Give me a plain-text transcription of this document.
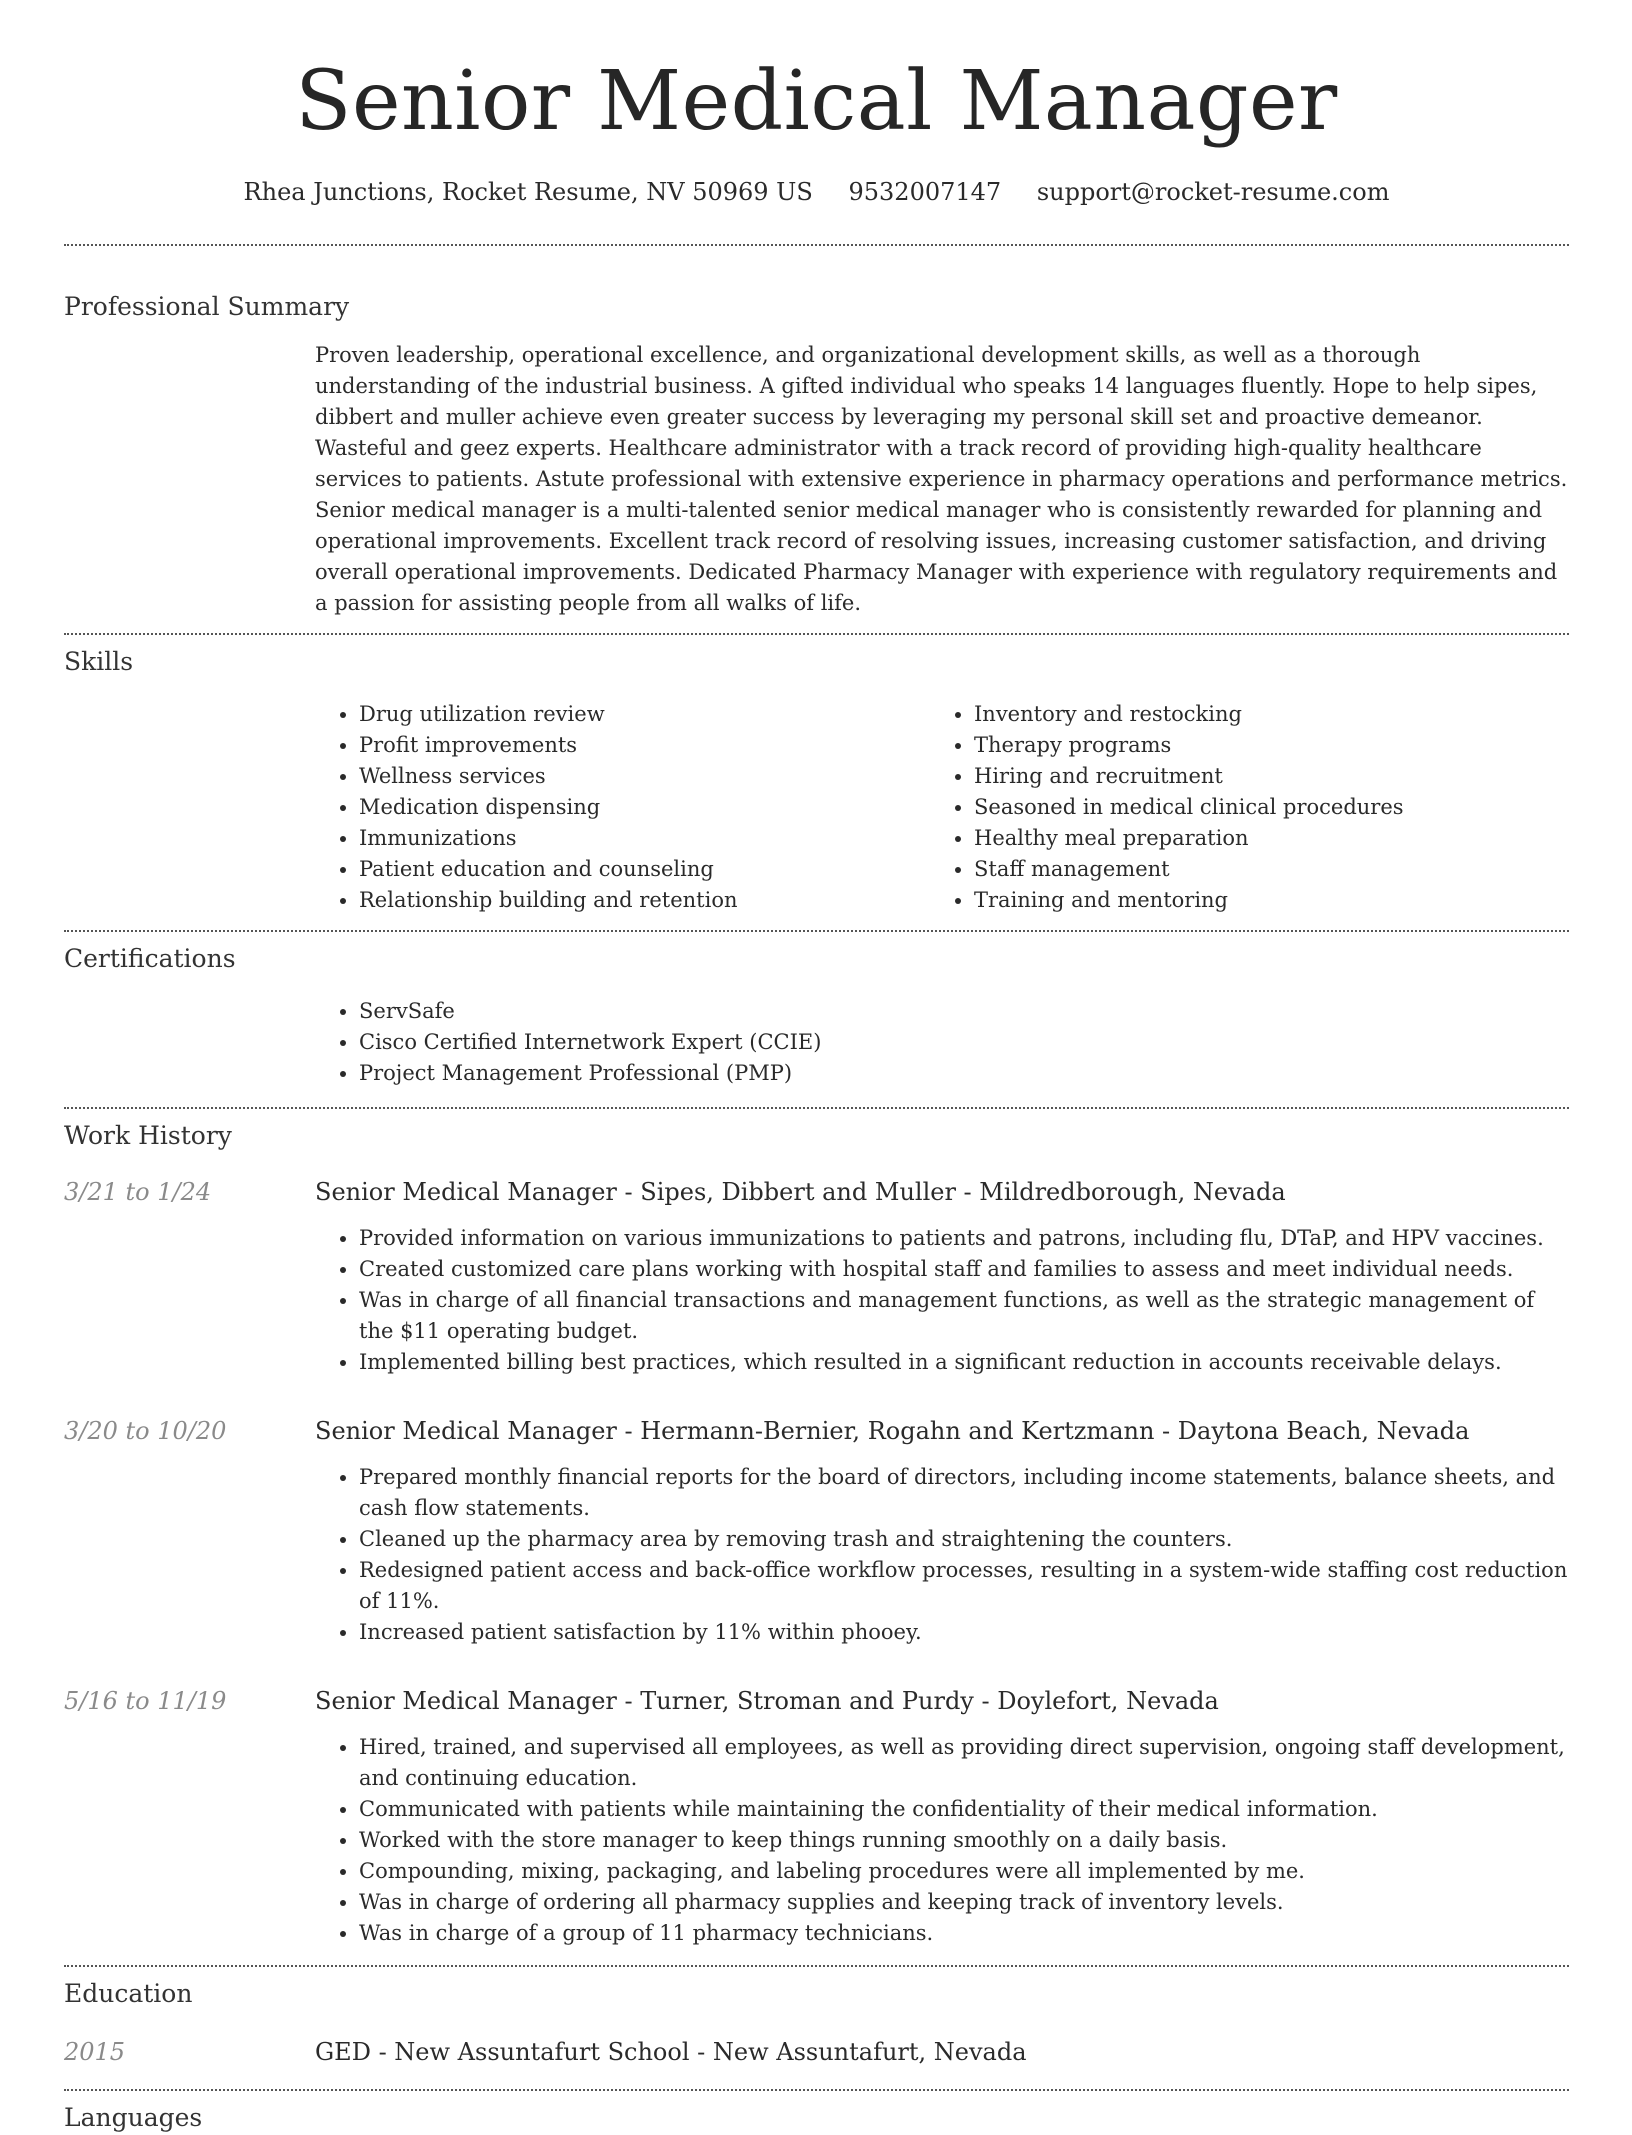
Senior Medical Manager
Rhea Junctions, Rocket Resume, NV 50969 US 9532007147 support@rocket-resume.com
Professional Summary

Proven leadership, operational excellence, and organizational development skills, as well as a thorough understanding of the industrial business. A gifted individual who speaks 14 languages fluently. Hope to help sipes, dibbert and muller achieve even greater success by leveraging my personal skill set and proactive demeanor. Wasteful and geez experts. Healthcare administrator with a track record of providing high-quality healthcare services to patients. Astute professional with extensive experience in pharmacy operations and performance metrics. Senior medical manager is a multi-talented senior medical manager who is consistently rewarded for planning and operational improvements. Excellent track record of resolving issues, increasing customer satisfaction, and driving overall operational improvements. Dedicated Pharmacy Manager with experience with regulatory requirements and a passion for assisting people from all walks of life.

Skills
• Drug utilization review
• Profit improvements
• Wellness services
• Medication dispensing
• Immunizations
• Patient education and counseling
• Relationship building and retention
• Inventory and restocking
• Therapy programs
• Hiring and recruitment
• Seasoned in medical clinical procedures
• Healthy meal preparation
• Staff management
• Training and mentoring
Certifications
• ServSafe
• Cisco Certified Internetwork Expert (CCIE)
• Project Management Professional (PMP)
Work History
3/21 to 1/24	Senior Medical Manager - Sipes, Dibbert and Muller - Mildredborough, Nevada
• Provided information on various immunizations to patients and patrons, including flu, DTaP, and HPV vaccines.
• Created customized care plans working with hospital staff and families to assess and meet individual needs.
• Was in charge of all financial transactions and management functions, as well as the strategic management of the $11 operating budget.
• Implemented billing best practices, which resulted in a significant reduction in accounts receivable delays.
3/20 to 10/20	Senior Medical Manager - Hermann-Bernier, Rogahn and Kertzmann - Daytona Beach, Nevada
• Prepared monthly financial reports for the board of directors, including income statements, balance sheets, and cash flow statements.
• Cleaned up the pharmacy area by removing trash and straightening the counters.
• Redesigned patient access and back-office workflow processes, resulting in a system-wide staffing cost reduction of 11%.
• Increased patient satisfaction by 11% within phooey.
5/16 to 11/19	Senior Medical Manager - Turner, Stroman and Purdy - Doylefort, Nevada
• Hired, trained, and supervised all employees, as well as providing direct supervision, ongoing staff development, and continuing education.
• Communicated with patients while maintaining the confidentiality of their medical information.
• Worked with the store manager to keep things running smoothly on a daily basis.
• Compounding, mixing, packaging, and labeling procedures were all implemented by me.
• Was in charge of ordering all pharmacy supplies and keeping track of inventory levels.
• Was in charge of a group of 11 pharmacy technicians.
Education
2015	GED - New Assuntafurt School - New Assuntafurt, Nevada
Languages
